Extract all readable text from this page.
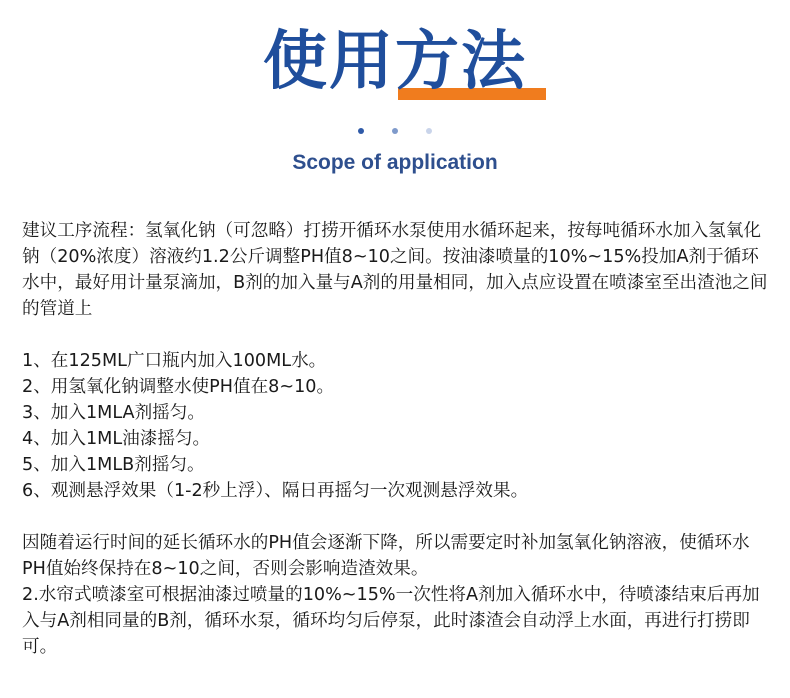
使用方法

Scope of application

建议工序流程：氢氧化钠（可忽略）打捞开循环水泵使用水循环起来，按每吨循环水加入氢氧化钠（20%浓度）溶液约1.2公斤调整PH值8~10之间。按油漆喷量的10%~15%投加A剂于循环水中，最好用计量泵滴加，B剂的加入量与A剂的用量相同，加入点应设置在喷漆室至出渣池之间的管道上

1、在125ML广口瓶内加入100ML水。

2、用氢氧化钠调整水使PH值在8~10。

3、加入1MLA剂摇匀。

4、加入1ML油漆摇匀。

5、加入1MLB剂摇匀。

6、观测悬浮效果（1-2秒上浮）、隔日再摇匀一次观测悬浮效果。

因随着运行时间的延长循环水的PH值会逐渐下降，所以需要定时补加氢氧化钠溶液，使循环水PH值始终保持在8~10之间，否则会影响造渣效果。

2.水帘式喷漆室可根据油漆过喷量的10%~15%一次性将A剂加入循环水中，待喷漆结束后再加入与A剂相同量的B剂，循环水泵，循环均匀后停泵，此时漆渣会自动浮上水面，再进行打捞即可。
